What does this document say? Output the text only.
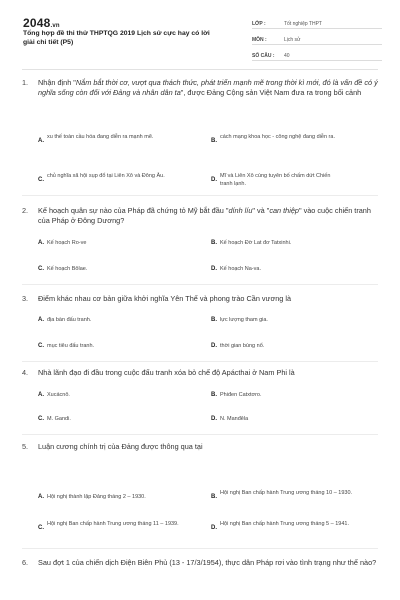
2048.vn
Tổng hợp đề thi thử THPTQG 2019 Lịch sử cực hay có lời giải chi tiết (P5)
LỚP :	Tốt nghiệp THPT
MÔN :	Lịch sử
SỐ CÂU :	40
1. Nhận định "Nắm bắt thời cơ, vượt qua thách thức, phát triển mạnh mẽ trong thời kì mới, đó là vấn đề có ý nghĩa sống còn đối với Đảng và nhân dân ta", được Đảng Cộng sản Việt Nam đưa ra trong bối cảnh
A.
xu thế toàn cầu hóa đang diễn ra mạnh mẽ.
B.
cách mạng khoa học - công nghệ đang diễn ra.
C.
chủ nghĩa xã hội sụp đổ tại Liên Xô và Đông Âu.
D.
Mĩ và Liên Xô cùng tuyên bố chấm dứt Chiến tranh lạnh.
2. Kế hoạch quân sự nào của Pháp đã chứng tỏ Mỹ bắt đầu "dính líu" và "can thiệp" vào cuộc chiến tranh của Pháp ở Đông Dương?
A. Kế hoạch Ro-ve	B. Kế hoạch Đờ Lat đơ Tatxinhi.
C. Kế hoạch Bôlae.	D. Kế hoạch Na-va.
3. Điểm khác nhau cơ bản giữa khởi nghĩa Yên Thế và phong trào Cần vương là
A. địa bàn đấu tranh.	B. lực lượng tham gia.
C. mục tiêu đấu tranh.	D. thời gian bùng nổ.
4. Nhà lãnh đạo đi đầu trong cuộc đấu tranh xóa bỏ chế độ Apácthai ở Nam Phi là
A. Xucácnô.	B. Phiđen Catxtơro.
C. M. Gandi.	D. N. Manđêla
5. Luận cương chính trị của Đảng được thông qua tại
A. Hội nghị thành lập Đảng tháng 2 – 1930.	B.
Hội nghị Ban chấp hành Trung ương tháng 10 – 1930.
C.
Hội nghị Ban chấp hành Trung ương tháng 11 – 1939.
D.
Hội nghị Ban chấp hành Trung ương tháng 5 – 1941.
6. Sau đợt 1 của chiến dịch Điện Biên Phủ (13 - 17/3/1954), thực dân Pháp rơi vào tình trạng như thế nào?
